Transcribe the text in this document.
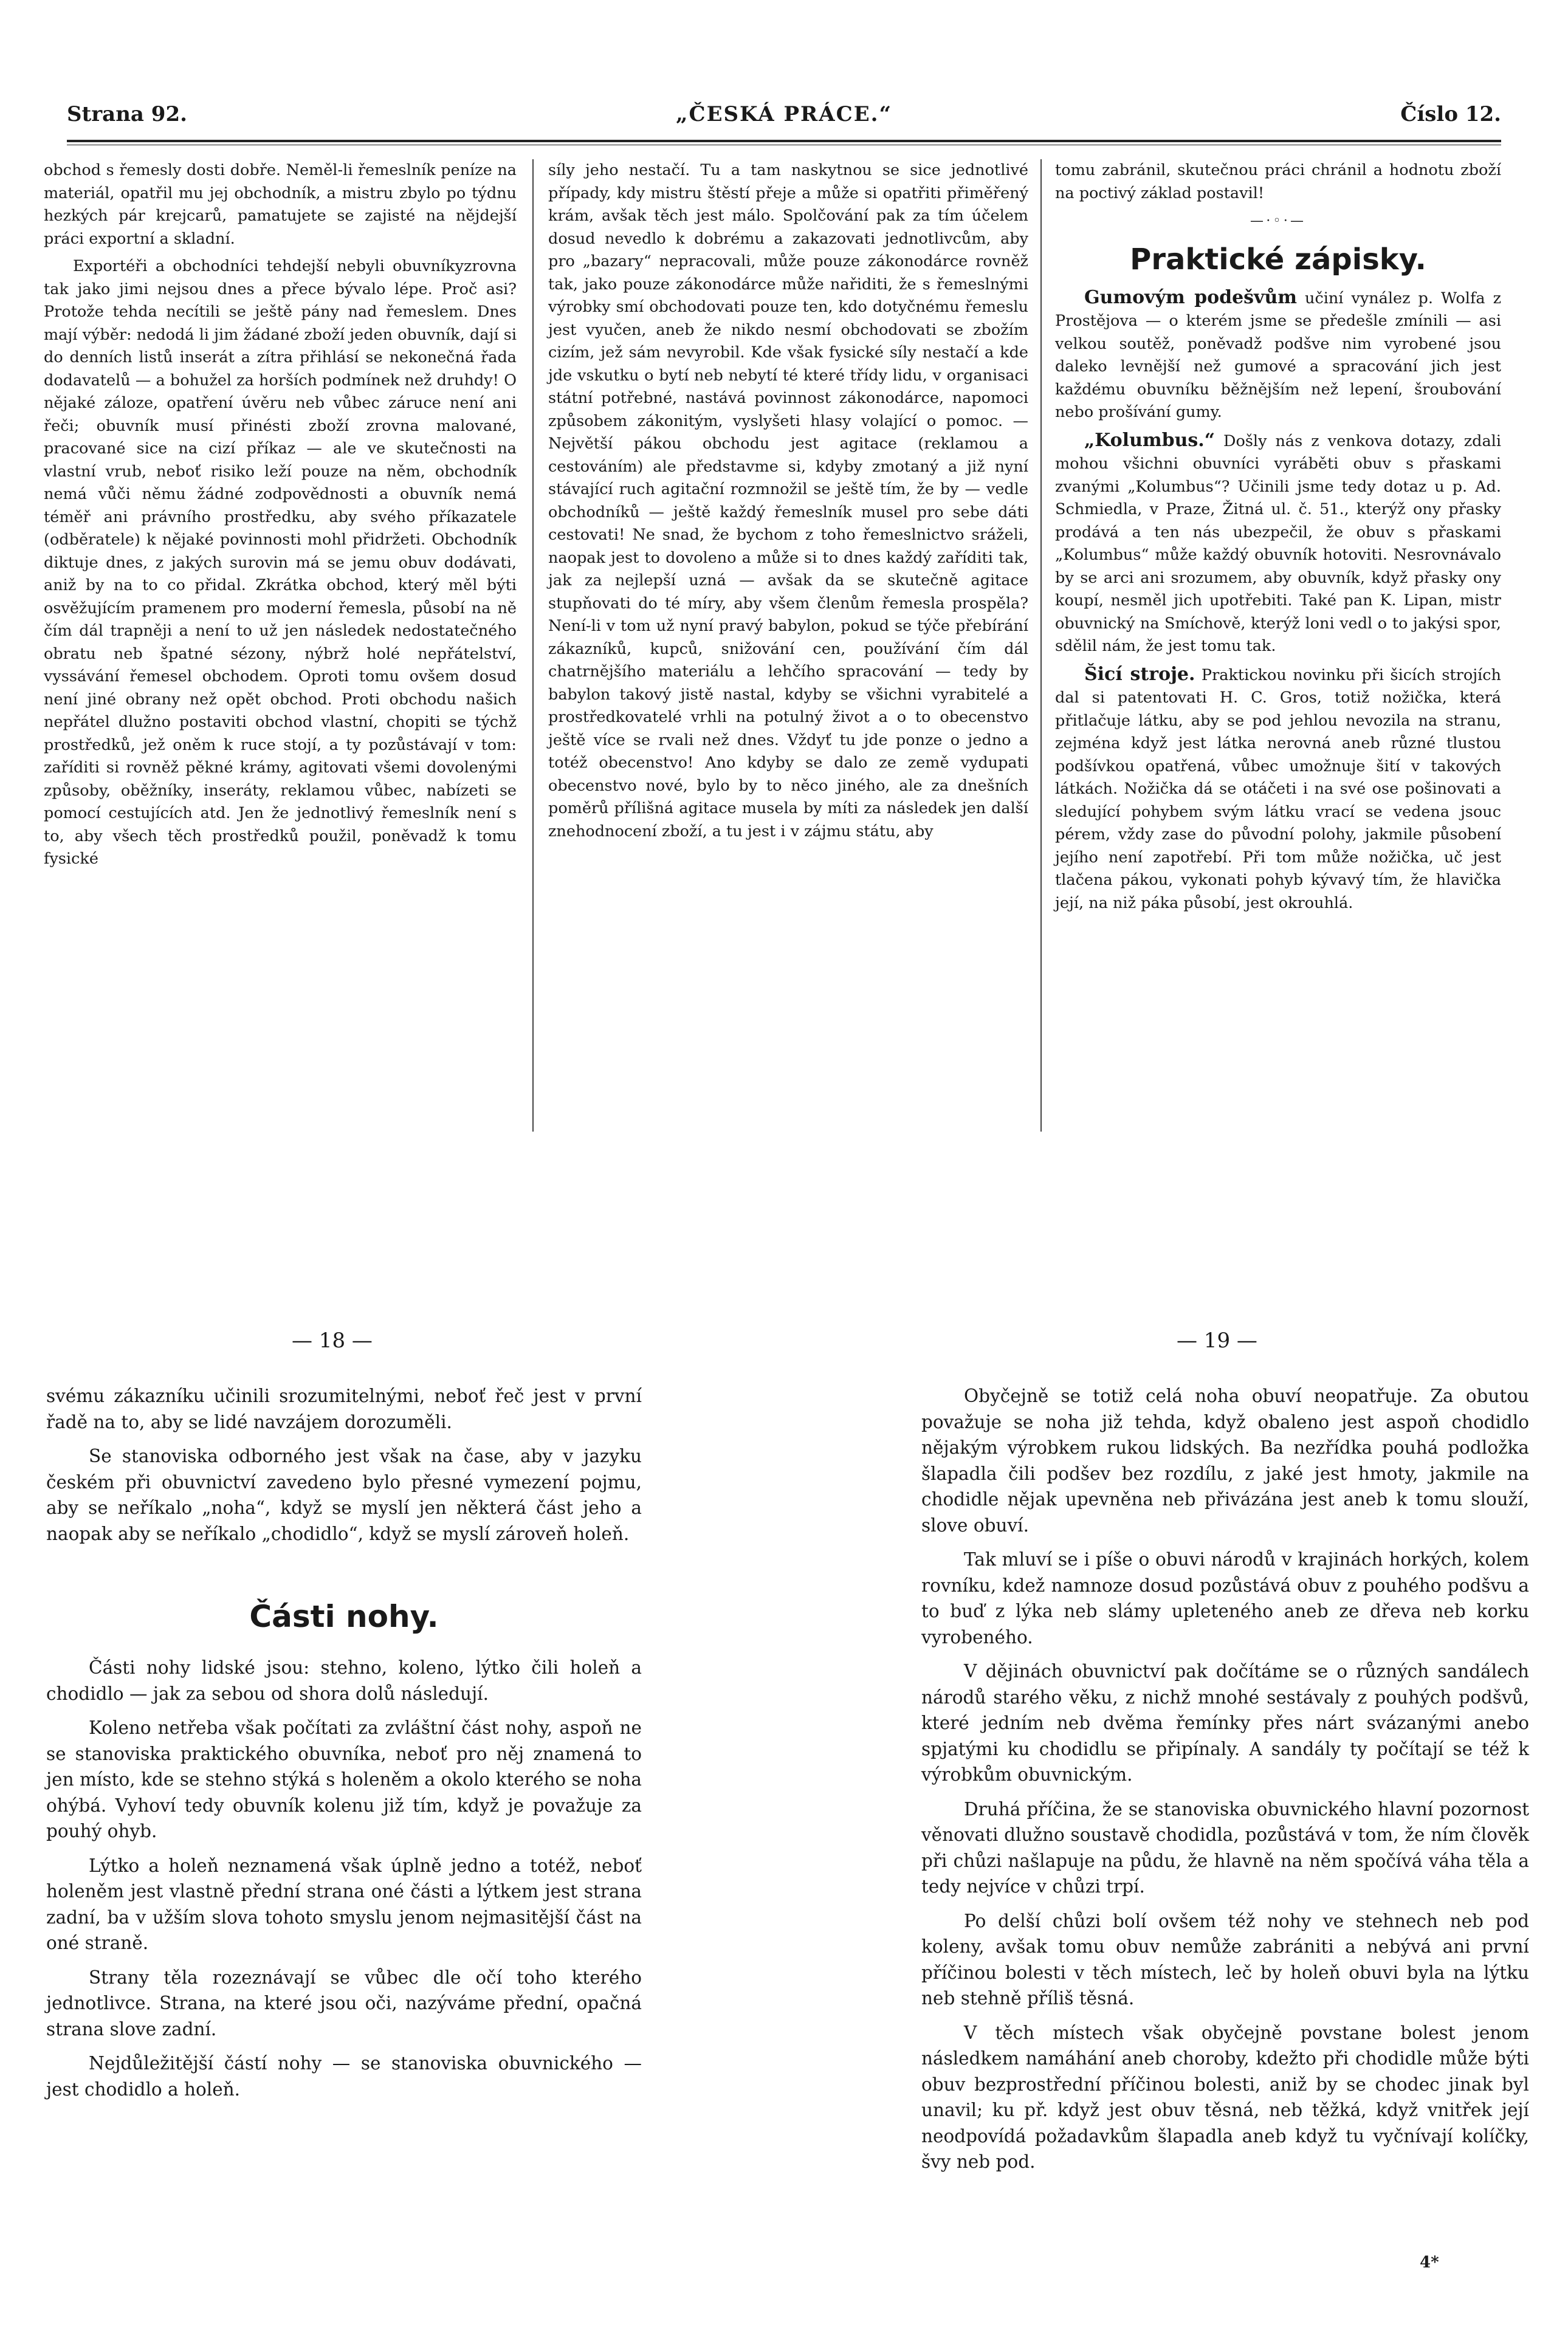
Strana 92.	„ČESKÁ PRÁCE.“	Číslo 12.

obchod s řemesly dosti dobře. Neměl-li řemeslník peníze na materiál, opatřil mu jej obchodník, a mistru zbylo po týdnu hezkých pár krejcarů, pamatujete se zajisté na nějdejší práci exportní a skladní.

Exportéři a obchodníci tehdejší nebyli obuvníkyzrovna tak jako jimi nejsou dnes a přece bývalo lépe. Proč asi? Protože tehda necítili se ještě pány nad řemeslem. Dnes mají výběr: nedodá li jim žádané zboží jeden obuvník, dají si do denních listů inserát a zítra přihlásí se nekonečná řada dodavatelů — a bohužel za horších podmínek než druhdy! O nějaké záloze, opatření úvěru neb vůbec záruce není ani řeči; obuvník musí přinésti zboží zrovna malované, pracované sice na cizí příkaz — ale ve skutečnosti na vlastní vrub, neboť risiko leží pouze na něm, obchodník nemá vůči němu žádné zodpovědnosti a obuvník nemá téměř ani právního prostředku, aby svého příkazatele (odběratele) k nějaké povinnosti mohl přidržeti. Obchodník diktuje dnes, z jakých surovin má se jemu obuv dodávati, aniž by na to co přidal. Zkrátka obchod, který měl býti osvěžujícím pramenem pro moderní řemesla, působí na ně čím dál trapněji a není to už jen následek nedostatečného obratu neb špatné sézony, nýbrž holé nepřátelství, vyssávání řemesel obchodem. Oproti tomu ovšem dosud není jiné obrany než opět obchod. Proti obchodu našich nepřátel dlužno postaviti obchod vlastní, chopiti se týchž prostředků, jež oněm k ruce stojí, a ty pozůstávají v tom: zaříditi si rovněž pěkné krámy, agitovati všemi dovolenými způsoby, oběžníky, inseráty, reklamou vůbec, nabízeti se pomocí cestujících atd. Jen že jednotlivý řemeslník není s to, aby všech těch prostředků použil, poněvadž k tomu fysické

síly jeho nestačí. Tu a tam naskytnou se sice jednotlivé případy, kdy mistru štěstí přeje a může si opatřiti přiměřený krám, avšak těch jest málo. Spolčování pak za tím účelem dosud nevedlo k dobrému a zakazovati jednotlivcům, aby pro „bazary“ nepracovali, může pouze zákonodárce rovněž tak, jako pouze zákonodárce může nařiditi, že s řemeslnými výrobky smí obchodovati pouze ten, kdo dotyčnému řemeslu jest vyučen, aneb že nikdo nesmí obchodovati se zbožím cizím, jež sám nevyrobil. Kde však fysické síly nestačí a kde jde vskutku o bytí neb nebytí té které třídy lidu, v organisaci státní potřebné, nastává povinnost zákonodárce, napomoci způsobem zákonitým, vyslyšeti hlasy volající o pomoc. — Největší pákou obchodu jest agitace (reklamou a cestováním) ale představme si, kdyby zmotaný a již nyní stávající ruch agitační rozmnožil se ještě tím, že by — vedle obchodníků — ještě každý řemeslník musel pro sebe dáti cestovati! Ne snad, že bychom z toho řemeslnictvo sráželi, naopak jest to dovoleno a může si to dnes každý zaříditi tak, jak za nejlepší uzná — avšak da se skutečně agitace stupňovati do té míry, aby všem členům řemesla prospěla? Není-li v tom už nyní pravý babylon, pokud se týče přebírání zákazníků, kupců, snižování cen, používání čím dál chatrnějšího materiálu a lehčího spracování — tedy by babylon takový jistě nastal, kdyby se všichni vyrabitelé a prostředkovatelé vrhli na potulný život a o to obecenstvo ještě více se rvali než dnes. Vždyť tu jde ponze o jedno a totéž obecenstvo! Ano kdyby se dalo ze země vydupati obecenstvo nové, bylo by to něco jiného, ale za dnešních poměrů přílišná agitace musela by míti za následek jen další znehodnocení zboží, a tu jest i v zájmu státu, aby

tomu zabránil, skutečnou práci chránil a hodnotu zboží na poctivý základ postavil!

—⋅◦⋅—
Praktické zápisky.

Gumovým podešvům učiní vynález p. Wolfa z Prostějova — o kterém jsme se předešle zmínili — asi velkou soutěž, poněvadž podšve nim vyrobené jsou daleko levnější než gumové a spracování jich jest každému obuvníku běžnějším než lepení, šroubování nebo prošívání gumy.

„Kolumbus.“ Došly nás z venkova dotazy, zdali mohou všichni obuvníci vyráběti obuv s přaskami zvanými „Kolumbus“? Učinili jsme tedy dotaz u p. Ad. Schmiedla, v Praze, Žitná ul. č. 51., kterýž ony přasky prodává a ten nás ubezpečil, že obuv s přaskami „Kolumbus“ může každý obuvník hotoviti. Nesrovnávalo by se arci ani srozumem, aby obuvník, když přasky ony koupí, nesměl jich upotřebiti. Také pan K. Lipan, mistr obuvnický na Smíchově, kterýž loni vedl o to jakýsi spor, sdělil nám, že jest tomu tak.

Šicí stroje. Praktickou novinku při šicích strojích dal si patentovati H. C. Gros, totiž nožička, která přitlačuje látku, aby se pod jehlou nevozila na stranu, zejména když jest látka nerovná aneb různé tlustou podšívkou opatřená, vůbec umožnuje šití v takových látkách. Nožička dá se otáčeti i na své ose pošinovati a sledující pohybem svým látku vrací se vedena jsouc pérem, vždy zase do původní polohy, jakmile působení jejího není zapotřebí. Při tom může nožička, uč jest tlačena pákou, vykonati pohyb kývavý tím, že hlavička její, na niž páka působí, jest okrouhlá.

— 18 —

svému zákazníku učinili srozumitelnými, neboť řeč jest v první řadě na to, aby se lidé navzájem dorozuměli.

Se stanoviska odborného jest však na čase, aby v jazyku českém při obuvnictví zavedeno bylo přesné vymezení pojmu, aby se neříkalo „noha“, když se myslí jen některá část jeho a naopak aby se neříkalo „chodidlo“, když se myslí zároveň holeň.

Části nohy.

Části nohy lidské jsou: stehno, koleno, lýtko čili holeň a chodidlo — jak za sebou od shora dolů následují.

Koleno netřeba však počítati za zvláštní část nohy, aspoň ne se stanoviska praktického obuvníka, neboť pro něj znamená to jen místo, kde se stehno stýká s holeněm a okolo kterého se noha ohýbá. Vyhoví tedy obuvník kolenu již tím, když je považuje za pouhý ohyb.

Lýtko a holeň neznamená však úplně jedno a totéž, neboť holeněm jest vlastně přední strana oné části a lýtkem jest strana zadní, ba v užším slova tohoto smyslu jenom nejmasitější část na oné straně.

Strany těla rozeznávají se vůbec dle očí toho kterého jednotlivce. Strana, na které jsou oči, nazýváme přední, opačná strana slove zadní.

Nejdůležitější částí nohy — se stanoviska obuvnického — jest chodidlo a holeň.

— 19 —

Obyčejně se totiž celá noha obuví neopatřuje. Za obutou považuje se noha již tehda, když obaleno jest aspoň chodidlo nějakým výrobkem rukou lidských. Ba nezřídka pouhá podložka šlapadla čili podšev bez rozdílu, z jaké jest hmoty, jakmile na chodidle nějak upevněna neb přivázána jest aneb k tomu slouží, slove obuví.

Tak mluví se i píše o obuvi národů v krajinách horkých, kolem rovníku, kdež namnoze dosud pozůstává obuv z pouhého podšvu a to buď z lýka neb slámy upleteného aneb ze dřeva neb korku vyrobeného.

V dějinách obuvnictví pak dočítáme se o různých sandálech národů starého věku, z nichž mnohé sestávaly z pouhých podšvů, které jedním neb dvěma řemínky přes nárt svázanými anebo spjatými ku chodidlu se připínaly. A sandály ty počítají se též k výrobkům obuvnickým.

Druhá příčina, že se stanoviska obuvnického hlavní pozornost věnovati dlužno soustavě chodidla, pozůstává v tom, že ním člověk při chůzi našlapuje na půdu, že hlavně na něm spočívá váha těla a tedy nejvíce v chůzi trpí.

Po delší chůzi bolí ovšem též nohy ve stehnech neb pod koleny, avšak tomu obuv nemůže zabrániti a nebývá ani první příčinou bolesti v těch místech, leč by holeň obuvi byla na lýtku neb stehně příliš těsná.

V těch místech však obyčejně povstane bolest jenom následkem namáhání aneb choroby, kdežto při chodidle může býti obuv bezprostřední příčinou bolesti, aniž by se chodec jinak byl unavil; ku př. když jest obuv těsná, neb těžká, když vnitřek její neodpovídá požadavkům šlapadla aneb když tu vyčnívají kolíčky, švy neb pod.

4*
